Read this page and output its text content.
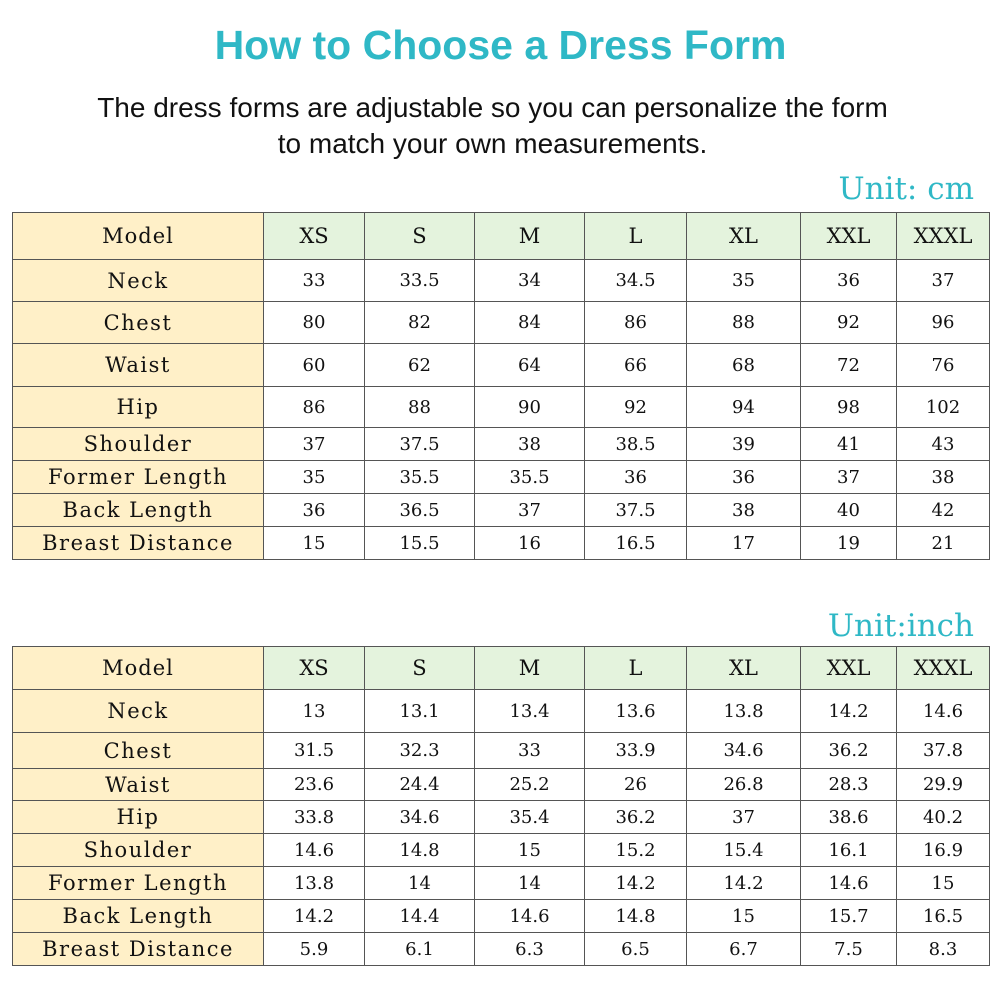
How to Choose a Dress Form

The dress forms are adjustable so you can personalize the form
to match your own measurements.

Unit: cm

Model	XS	S	M	L	XL	XXL	XXXL
Neck	33	33.5	34	34.5	35	36	37
Chest	80	82	84	86	88	92	96
Waist	60	62	64	66	68	72	76
Hip	86	88	90	92	94	98	102
Shoulder	37	37.5	38	38.5	39	41	43
Former Length	35	35.5	35.5	36	36	37	38
Back Length	36	36.5	37	37.5	38	40	42
Breast Distance	15	15.5	16	16.5	17	19	21

Unit:inch

Model	XS	S	M	L	XL	XXL	XXXL
Neck	13	13.1	13.4	13.6	13.8	14.2	14.6
Chest	31.5	32.3	33	33.9	34.6	36.2	37.8
Waist	23.6	24.4	25.2	26	26.8	28.3	29.9
Hip	33.8	34.6	35.4	36.2	37	38.6	40.2
Shoulder	14.6	14.8	15	15.2	15.4	16.1	16.9
Former Length	13.8	14	14	14.2	14.2	14.6	15
Back Length	14.2	14.4	14.6	14.8	15	15.7	16.5
Breast Distance	5.9	6.1	6.3	6.5	6.7	7.5	8.3
